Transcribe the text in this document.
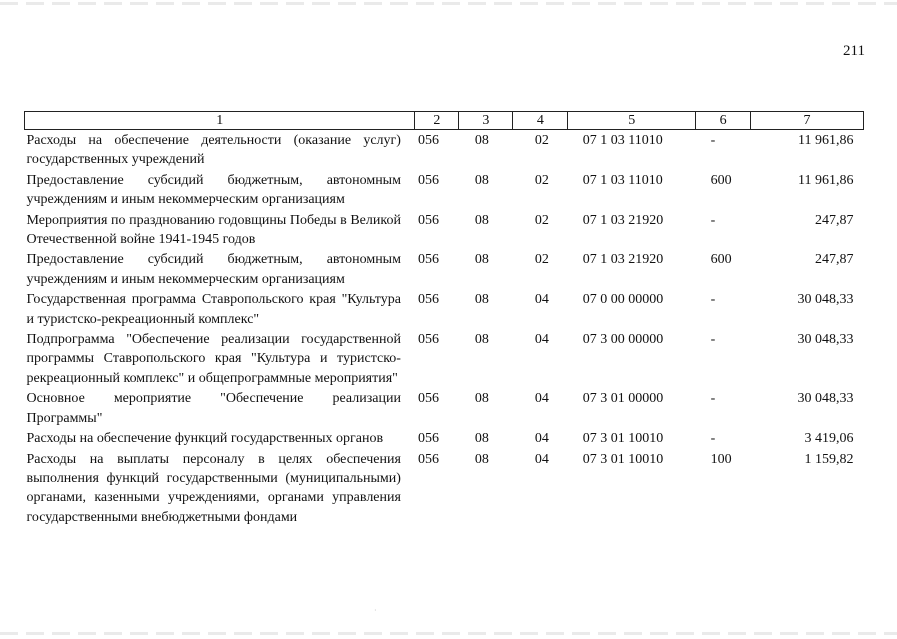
211
1	2	3	4	5	6	7
Расходы на обеспечение деятельности (оказание услуг) государственных учреждений	056	08	02	07 1 03 11010	-	11 961,86
Предоставление субсидий бюджетным, автономным учреждениям и иным некоммерческим организациям	056	08	02	07 1 03 11010	600	11 961,86
Мероприятия по празднованию годовщины Победы в Великой Отечественной войне 1941-1945 годов	056	08	02	07 1 03 21920	-	247,87
Предоставление субсидий бюджетным, автономным учреждениям и иным некоммерческим организациям	056	08	02	07 1 03 21920	600	247,87
Государственная программа Ставропольского края "Культура и туристско-рекреационный комплекс"	056	08	04	07 0 00 00000	-	30 048,33
Подпрограмма "Обеспечение реализации государственной программы Ставропольского края "Культура и туристско-рекреационный комплекс" и общепрограммные мероприятия"	056	08	04	07 3 00 00000	-	30 048,33
Основное мероприятие "Обеспечение реализации Программы"	056	08	04	07 3 01 00000	-	30 048,33
Расходы на обеспечение функций государственных органов	056	08	04	07 3 01 10010	-	3 419,06
Расходы на выплаты персоналу в целях обеспечения выполнения функций государственными (муниципальными) органами, казенными учреждениями, органами управления государственными внебюджетными фондами	056	08	04	07 3 01 10010	100	1 159,82
·
